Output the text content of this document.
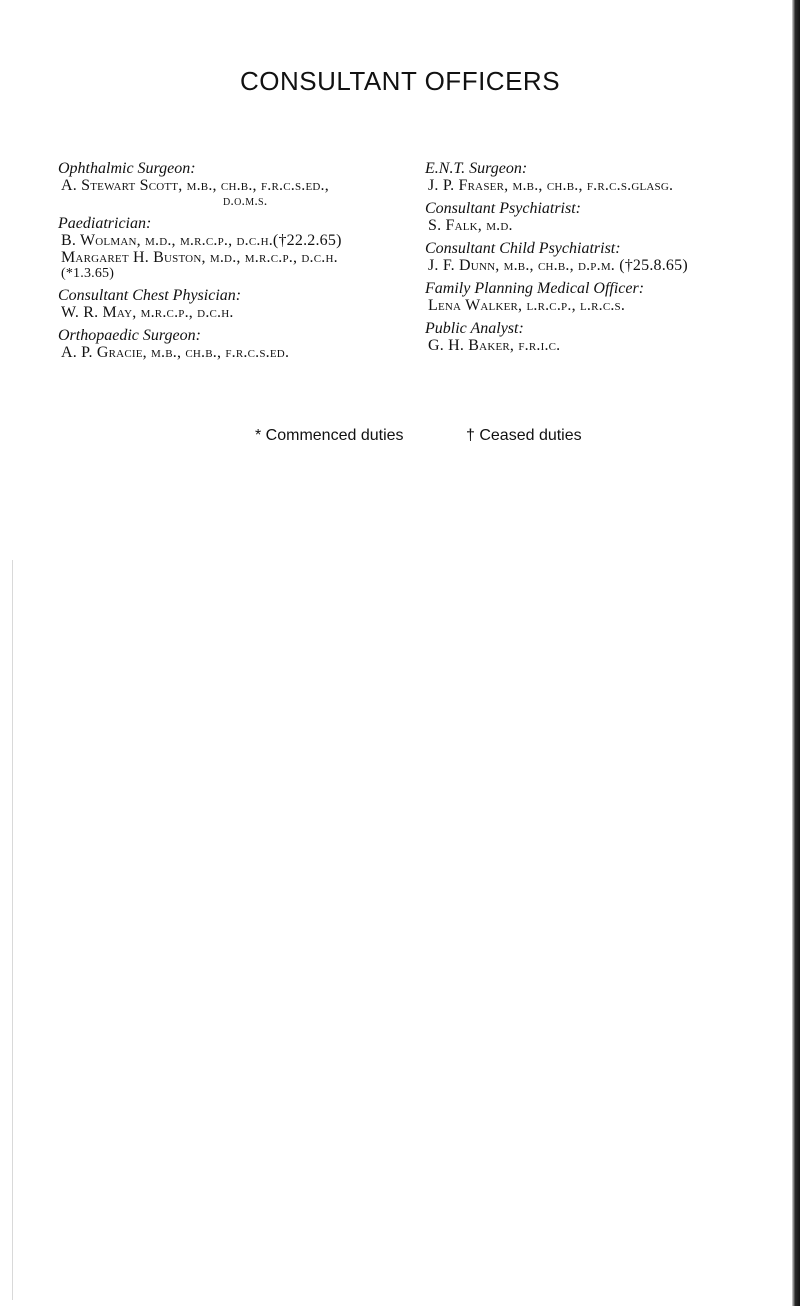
CONSULTANT OFFICERS
Ophthalmic Surgeon:
A. Stewart Scott, m.b., ch.b., f.r.c.s.ed.,
d.o.m.s.
Paediatrician:
B. Wolman, m.d., m.r.c.p., d.c.h.(†22.2.65)
Margaret H. Buston, m.d., m.r.c.p., d.c.h.
(*1.3.65)
Consultant Chest Physician:
W. R. May, m.r.c.p., d.c.h.
Orthopaedic Surgeon:
A. P. Gracie, m.b., ch.b., f.r.c.s.ed.
E.N.T. Surgeon:
J. P. Fraser, m.b., ch.b., f.r.c.s.glasg.
Consultant Psychiatrist:
S. Falk, m.d.
Consultant Child Psychiatrist:
J. F. Dunn, m.b., ch.b., d.p.m. (†25.8.65)
Family Planning Medical Officer:
Lena Walker, l.r.c.p., l.r.c.s.
Public Analyst:
G. H. Baker, f.r.i.c.
* Commenced duties	† Ceased duties
